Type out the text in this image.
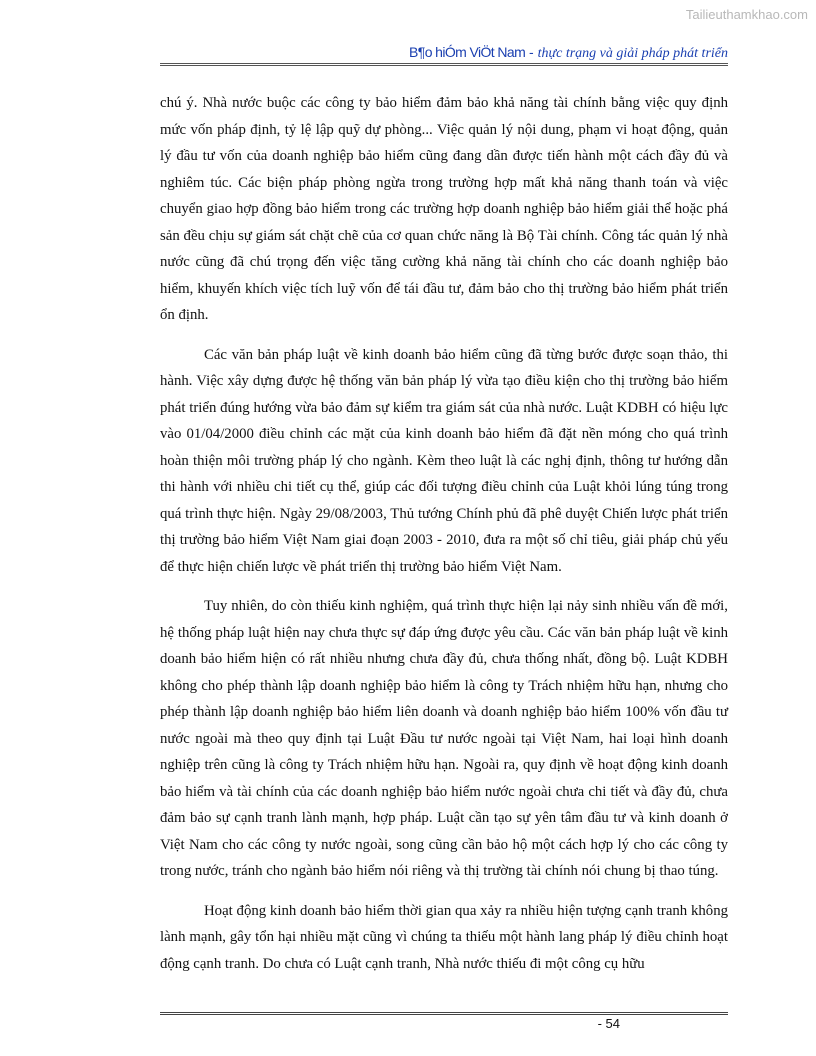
Tailieuthamkhao.com
B¶o hiÓm ViÖt Nam - thực trạng và giải pháp phát triển

chú ý. Nhà nước buộc các công ty bảo hiểm đảm bảo khả năng tài chính bằng việc quy định mức vốn pháp định, tỷ lệ lập quỹ dự phòng... Việc quản lý nội dung, phạm vi hoạt động, quản lý đầu tư vốn của doanh nghiệp bảo hiểm cũng đang dần được tiến hành một cách đầy đủ và nghiêm túc. Các biện pháp phòng ngừa trong trường hợp mất khả năng thanh toán và việc chuyển giao hợp đồng bảo hiểm trong các trường hợp doanh nghiệp bảo hiểm giải thể hoặc phá sản đều chịu sự giám sát chặt chẽ của cơ quan chức năng là Bộ Tài chính. Công tác quản lý nhà nước cũng đã chú trọng đến việc tăng cường khả năng tài chính cho các doanh nghiệp bảo hiểm, khuyến khích việc tích luỹ vốn để tái đầu tư, đảm bảo cho thị trường bảo hiểm phát triển ổn định.

Các văn bản pháp luật về kinh doanh bảo hiểm cũng đã từng bước được soạn thảo, thi hành. Việc xây dựng được hệ thống văn bản pháp lý vừa tạo điều kiện cho thị trường bảo hiểm phát triển đúng hướng vừa bảo đảm sự kiểm tra giám sát của nhà nước. Luật KDBH có hiệu lực vào 01/04/2000 điều chỉnh các mặt của kinh doanh bảo hiểm đã đặt nền móng cho quá trình hoàn thiện môi trường pháp lý cho ngành. Kèm theo luật là các nghị định, thông tư hướng dẫn thi hành với nhiều chi tiết cụ thể, giúp các đối tượng điều chỉnh của Luật khỏi lúng túng trong quá trình thực hiện. Ngày 29/08/2003, Thủ tướng Chính phủ đã phê duyệt Chiến lược phát triển thị trường bảo hiểm Việt Nam giai đoạn 2003 - 2010, đưa ra một số chỉ tiêu, giải pháp chủ yếu để thực hiện chiến lược về phát triển thị trường bảo hiểm Việt Nam.

Tuy nhiên, do còn thiếu kinh nghiệm, quá trình thực hiện lại nảy sinh nhiều vấn đề mới, hệ thống pháp luật hiện nay chưa thực sự đáp ứng được yêu cầu. Các văn bản pháp luật về kinh doanh bảo hiểm hiện có rất nhiều nhưng chưa đầy đủ, chưa thống nhất, đồng bộ. Luật KDBH không cho phép thành lập doanh nghiệp bảo hiểm là công ty Trách nhiệm hữu hạn, nhưng cho phép thành lập doanh nghiệp bảo hiểm liên doanh và doanh nghiệp bảo hiểm 100% vốn đầu tư nước ngoài mà theo quy định tại Luật Đầu tư nước ngoài tại Việt Nam, hai loại hình doanh nghiệp trên cũng là công ty Trách nhiệm hữu hạn. Ngoài ra, quy định về hoạt động kinh doanh bảo hiểm và tài chính của các doanh nghiệp bảo hiểm nước ngoài chưa chi tiết và đầy đủ, chưa đảm bảo sự cạnh tranh lành mạnh, hợp pháp. Luật cần tạo sự yên tâm đầu tư và kinh doanh ở Việt Nam cho các công ty nước ngoài, song cũng cần bảo hộ một cách hợp lý cho các công ty trong nước, tránh cho ngành bảo hiểm nói riêng và thị trường tài chính nói chung bị thao túng.

Hoạt động kinh doanh bảo hiểm thời gian qua xảy ra nhiều hiện tượng cạnh tranh không lành mạnh, gây tổn hại nhiều mặt cũng vì chúng ta thiếu một hành lang pháp lý điều chỉnh hoạt động cạnh tranh. Do chưa có Luật cạnh tranh, Nhà nước thiếu đi một công cụ hữu

- 54
